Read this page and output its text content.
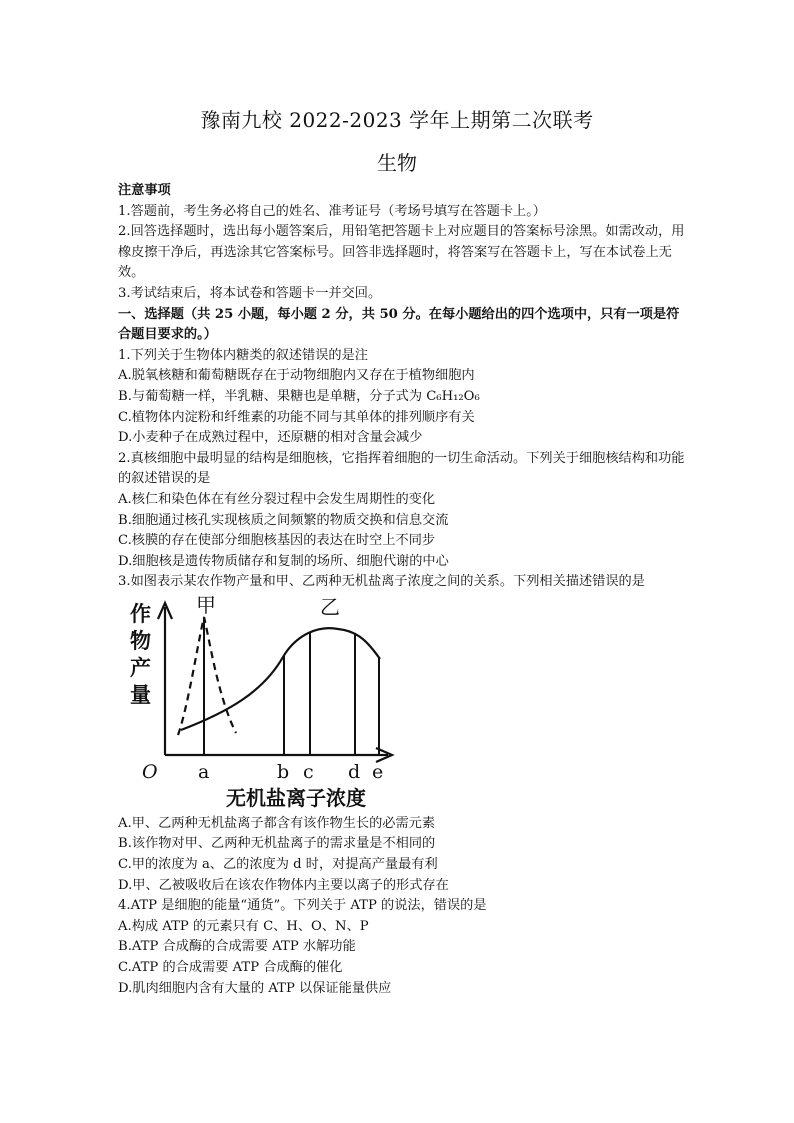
豫南九校 2022-2023 学年上期第二次联考
生物

注意事项

1.答题前，考生务必将自己的姓名、准考证号（考场号填写在答题卡上。）

2.回答选择题时，选出每小题答案后，用铅笔把答题卡上对应题目的答案标号涂黑。如需改动，用橡皮擦干净后，再选涂其它答案标号。回答非选择题时，将答案写在答题卡上，写在本试卷上无效。

3.考试结束后，将本试卷和答题卡一并交回。

一、选择题（共 25 小题，每小题 2 分，共 50 分。在每小题给出的四个选项中，只有一项是符合题目要求的。）

1.下列关于生物体内糖类的叙述错误的是注

A.脱氧核糖和葡萄糖既存在于动物细胞内又存在于植物细胞内

B.与葡萄糖一样，半乳糖、果糖也是单糖，分子式为 C₆H₁₂O₆

C.植物体内淀粉和纤维素的功能不同与其单体的排列顺序有关

D.小麦种子在成熟过程中，还原糖的相对含量会减少

2.真核细胞中最明显的结构是细胞核，它指挥着细胞的一切生命活动。下列关于细胞核结构和功能的叙述错误的是

A.核仁和染色体在有丝分裂过程中会发生周期性的变化

B.细胞通过核孔实现核质之间频繁的物质交换和信息交流

C.核膜的存在使部分细胞核基因的表达在时空上不同步

D.细胞核是遗传物质储存和复制的场所、细胞代谢的中心

3.如图表示某农作物产量和甲、乙两种无机盐离子浓度之间的关系。下列相关描述错误的是

作物产量
甲	乙
O a	b c d e
无机盐离子浓度

A.甲、乙两种无机盐离子都含有该作物生长的必需元素

B.该作物对甲、乙两种无机盐离子的需求量是不相同的

C.甲的浓度为 a、乙的浓度为 d 时，对提高产量最有利

D.甲、乙被吸收后在该农作物体内主要以离子的形式存在

4.ATP 是细胞的能量“通货”。下列关于 ATP 的说法，错误的是

A.构成 ATP 的元素只有 C、H、O、N、P

B.ATP 合成酶的合成需要 ATP 水解功能

C.ATP 的合成需要 ATP 合成酶的催化

D.肌肉细胞内含有大量的 ATP 以保证能量供应
